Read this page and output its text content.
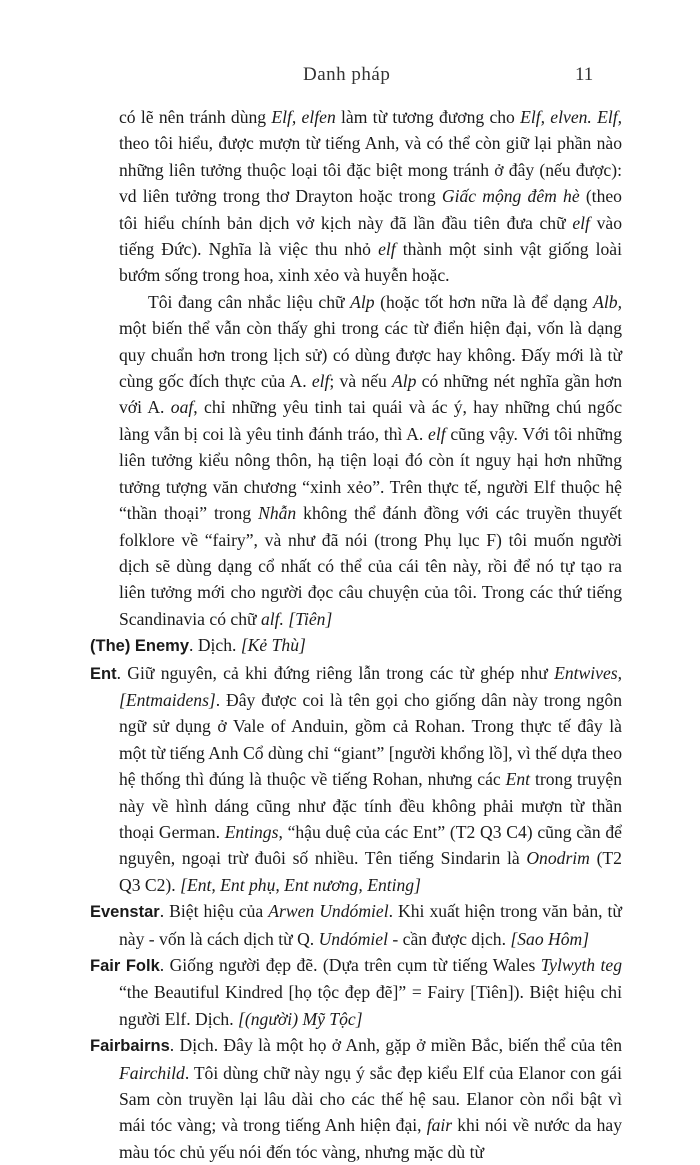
Danh pháp	11

có lẽ nên tránh dùng Elf, elfen làm từ tương đương cho Elf, elven. Elf, theo tôi hiểu, được mượn từ tiếng Anh, và có thể còn giữ lại phần nào những liên tưởng thuộc loại tôi đặc biệt mong tránh ở đây (nếu được): vd liên tưởng trong thơ Drayton hoặc trong Giấc mộng đêm hè (theo tôi hiểu chính bản dịch vở kịch này đã lần đầu tiên đưa chữ elf vào tiếng Đức). Nghĩa là việc thu nhỏ elf thành một sinh vật giống loài bướm sống trong hoa, xinh xẻo và huyễn hoặc.

Tôi đang cân nhắc liệu chữ Alp (hoặc tốt hơn nữa là để dạng Alb, một biến thể vẫn còn thấy ghi trong các từ điển hiện đại, vốn là dạng quy chuẩn hơn trong lịch sử) có dùng được hay không. Đấy mới là từ cùng gốc đích thực của A. elf; và nếu Alp có những nét nghĩa gần hơn với A. oaf, chỉ những yêu tinh tai quái và ác ý, hay những chú ngốc làng vẫn bị coi là yêu tinh đánh tráo, thì A. elf cũng vậy. Với tôi những liên tưởng kiểu nông thôn, hạ tiện loại đó còn ít nguy hại hơn những tưởng tượng văn chương “xinh xẻo”. Trên thực tế, người Elf thuộc hệ “thần thoại” trong Nhẫn không thể đánh đồng với các truyền thuyết folklore về “fairy”, và như đã nói (trong Phụ lục F) tôi muốn người dịch sẽ dùng dạng cổ nhất có thể của cái tên này, rồi để nó tự tạo ra liên tưởng mới cho người đọc câu chuyện của tôi. Trong các thứ tiếng Scandinavia có chữ alf. [Tiên]

(The) Enemy. Dịch. [Kẻ Thù]

Ent. Giữ nguyên, cả khi đứng riêng lẫn trong các từ ghép như Entwives, [Entmaidens]. Đây được coi là tên gọi cho giống dân này trong ngôn ngữ sử dụng ở Vale of Anduin, gồm cả Rohan. Trong thực tế đây là một từ tiếng Anh Cổ dùng chỉ “giant” [người khổng lồ], vì thế dựa theo hệ thống thì đúng là thuộc về tiếng Rohan, nhưng các Ent trong truyện này về hình dáng cũng như đặc tính đều không phải mượn từ thần thoại German. Entings, “hậu duệ của các Ent” (T2 Q3 C4) cũng cần để nguyên, ngoại trừ đuôi số nhiều. Tên tiếng Sindarin là Onodrim (T2 Q3 C2). [Ent, Ent phụ, Ent nương, Enting]

Evenstar. Biệt hiệu của Arwen Undómiel. Khi xuất hiện trong văn bản, từ này - vốn là cách dịch từ Q. Undómiel - cần được dịch. [Sao Hôm]

Fair Folk. Giống người đẹp đẽ. (Dựa trên cụm từ tiếng Wales Tylwyth teg “the Beautiful Kindred [họ tộc đẹp đẽ]” = Fairy [Tiên]). Biệt hiệu chỉ người Elf. Dịch. [(người) Mỹ Tộc]

Fairbairns. Dịch. Đây là một họ ở Anh, gặp ở miền Bắc, biến thể của tên Fairchild. Tôi dùng chữ này ngụ ý sắc đẹp kiểu Elf của Elanor con gái Sam còn truyền lại lâu dài cho các thế hệ sau. Elanor còn nổi bật vì mái tóc vàng; và trong tiếng Anh hiện đại, fair khi nói về nước da hay màu tóc chủ yếu nói đến tóc vàng, nhưng mặc dù từ
